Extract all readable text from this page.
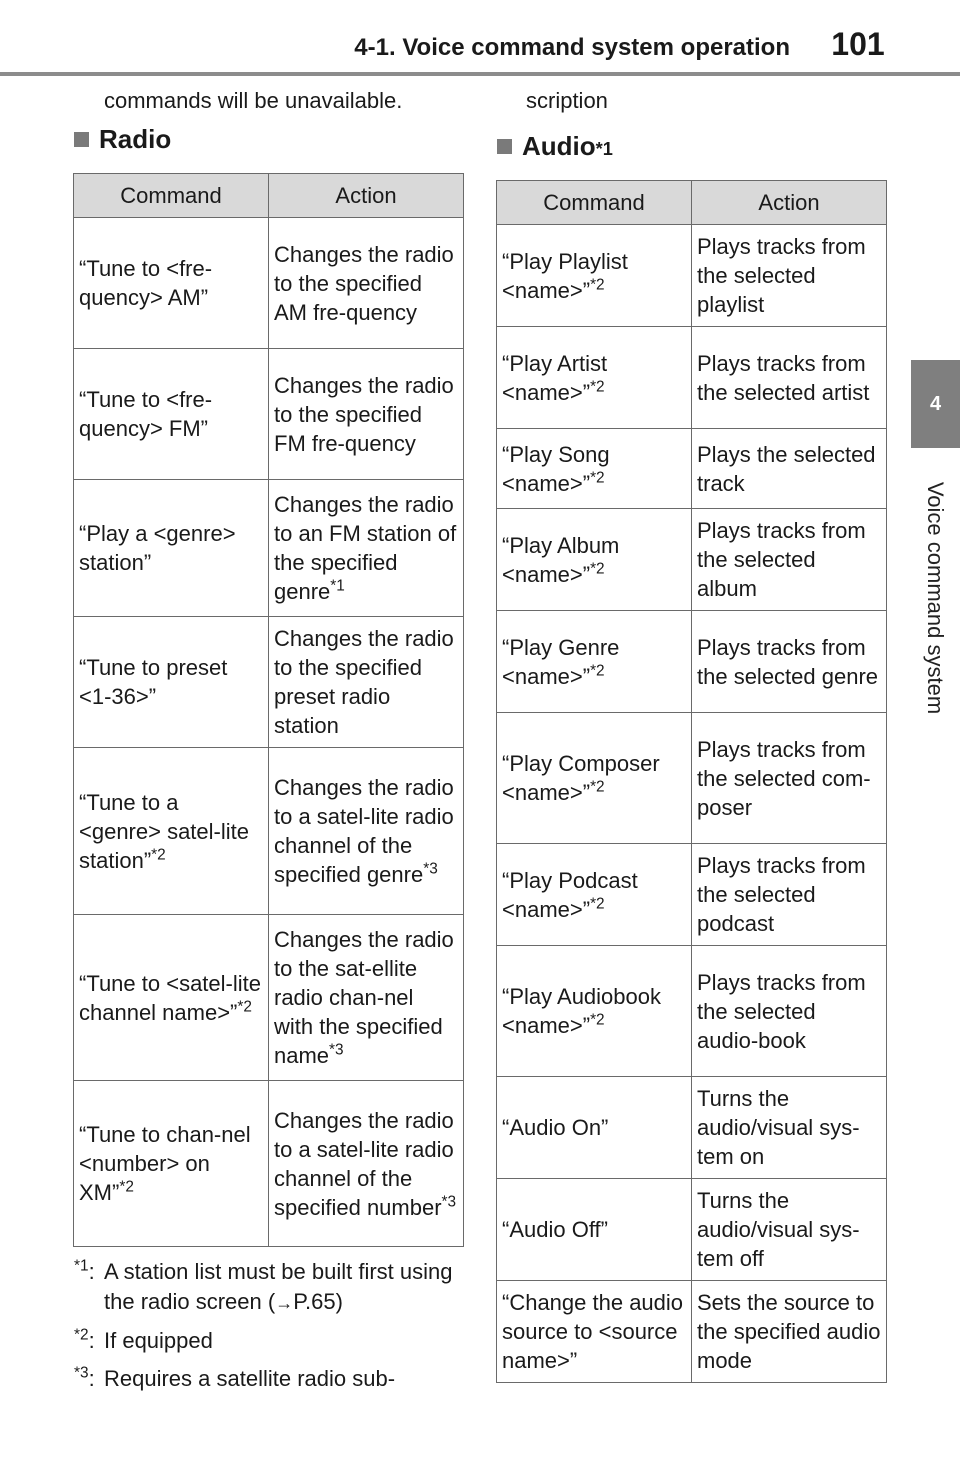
4-1. Voice command system operation	101
4
Voice command system
commands will be unavailable.
Radio
Command	Action
“Tune to <fre-quency> AM”	Changes the radio to the specified AM fre-quency
“Tune to <fre-quency> FM”	Changes the radio to the specified FM fre-quency
“Play a <genre> station”	Changes the radio to an FM station of the specified genre$^{*1}$
“Tune to preset <1-36>”	Changes the radio to the specified preset radio station
“Tune to a <genre> satel-lite station”$^{*2}$	Changes the radio to a satel-lite radio channel of the specified genre$^{*3}$
“Tune to <satel-lite channel name>”$^{*2}$	Changes the radio to the sat-ellite radio chan-nel with the specified name$^{*3}$
“Tune to chan-nel <number> on XM”$^{*2}$	Changes the radio to a satel-lite radio channel of the specified number$^{*3}$
$^{*1}$: A station list must be built first using the radio screen (→P.65)
$^{*2}$: If equipped
$^{*3}$: Requires a satellite radio sub-
scription
Audio *1
Command	Action
“Play Playlist <name>”$^{*2}$	Plays tracks from the selected playlist
“Play Artist <name>”$^{*2}$	Plays tracks from the selected artist
“Play Song <name>”$^{*2}$	Plays the selected track
“Play Album <name>”$^{*2}$	Plays tracks from the selected album
“Play Genre <name>”$^{*2}$	Plays tracks from the selected genre
“Play Composer <name>”$^{*2}$	Plays tracks from the selected com-poser
“Play Podcast <name>”$^{*2}$	Plays tracks from the selected podcast
“Play Audiobook <name>”$^{*2}$	Plays tracks from the selected audio-book
“Audio On”	Turns the audio/visual sys-tem on
“Audio Off”	Turns the audio/visual sys-tem off
“Change the audio source to <source name>”	Sets the source to the specified audio mode
